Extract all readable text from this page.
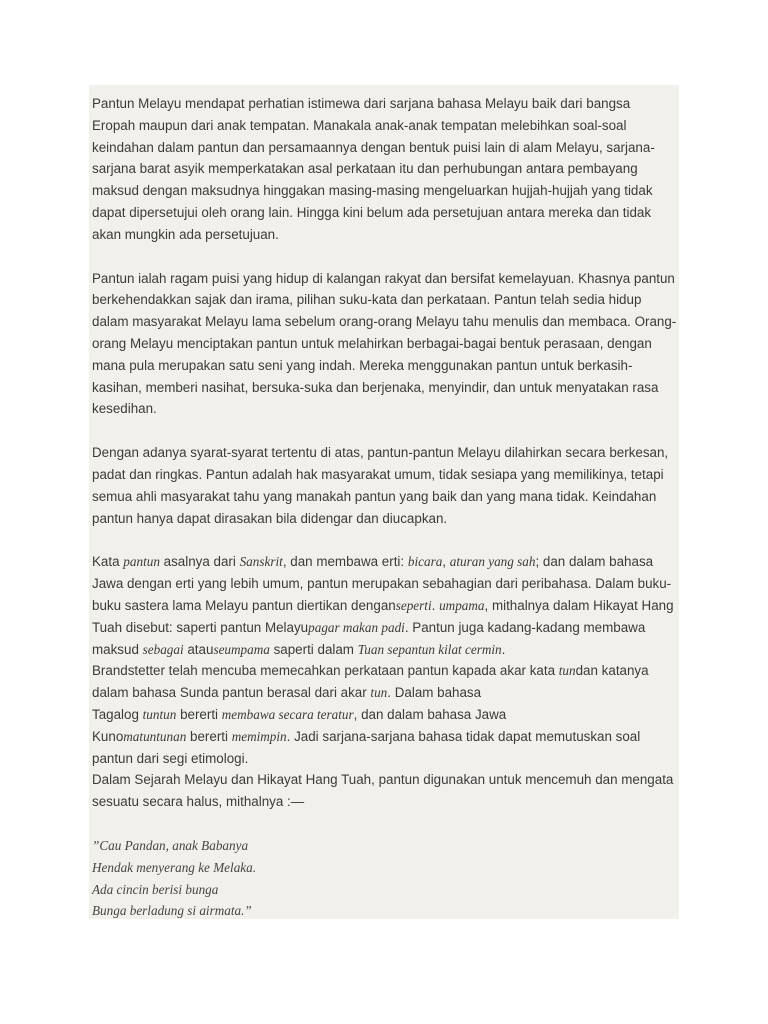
Pantun Melayu mendapat perhatian istimewa dari sarjana bahasa Melayu baik dari bangsa Eropah maupun dari anak tempatan. Manakala anak-anak tempatan melebihkan soal-soal keindahan dalam pantun dan persamaannya dengan bentuk puisi lain di alam Melayu, sarjana-sarjana barat asyik memperkatakan asal perkataan itu dan perhubungan antara pembayang maksud dengan maksudnya hinggakan masing-masing mengeluarkan hujjah-hujjah yang tidak dapat dipersetujui oleh orang lain. Hingga kini belum ada persetujuan antara mereka dan tidak akan mungkin ada persetujuan.

Pantun ialah ragam puisi yang hidup di kalangan rakyat dan bersifat kemelayuan. Khasnya pantun berkehendakkan sajak dan irama, pilihan suku-kata dan perkataan. Pantun telah sedia hidup dalam masyarakat Melayu lama sebelum orang-orang Melayu tahu menulis dan membaca. Orang-orang Melayu menciptakan pantun untuk melahirkan berbagai-bagai bentuk perasaan, dengan mana pula merupakan satu seni yang indah. Mereka menggunakan pantun untuk berkasih-kasihan, memberi nasihat, bersuka-suka dan berjenaka, menyindir, dan untuk menyatakan rasa kesedihan.

Dengan adanya syarat-syarat tertentu di atas, pantun-pantun Melayu dilahirkan secara berkesan, padat dan ringkas. Pantun adalah hak masyarakat umum, tidak sesiapa yang memilikinya, tetapi semua ahli masyarakat tahu yang manakah pantun yang baik dan yang mana tidak. Keindahan pantun hanya dapat dirasakan bila didengar dan diucapkan.

Kata pantun asalnya dari Sanskrit, dan membawa erti: bicara, aturan yang sah; dan dalam bahasa Jawa dengan erti yang lebih umum, pantun merupakan sebahagian dari peribahasa. Dalam buku-buku sastera lama Melayu pantun diertikan denganseperti. umpama, mithalnya dalam Hikayat Hang Tuah disebut: saperti pantun Melayupagar makan padi. Pantun juga kadang-kadang membawa maksud sebagai atauseumpama saperti dalam Tuan sepantun kilat cermin.
Brandstetter telah mencuba memecahkan perkataan pantun kapada akar kata tundan katanya dalam bahasa Sunda pantun berasal dari akar tun. Dalam bahasa
Tagalog tuntun bererti membawa secara teratur, dan dalam bahasa Jawa
Kunomatuntunan bererti memimpin. Jadi sarjana-sarjana bahasa tidak dapat memutuskan soal pantun dari segi etimologi.
Dalam Sejarah Melayu dan Hikayat Hang Tuah, pantun digunakan untuk mencemuh dan mengata sesuatu secara halus, mithalnya :—

”Cau Pandan, anak Babanya
Hendak menyerang ke Melaka.
Ada cincin berisi bunga
Bunga berladung si airmata.”
